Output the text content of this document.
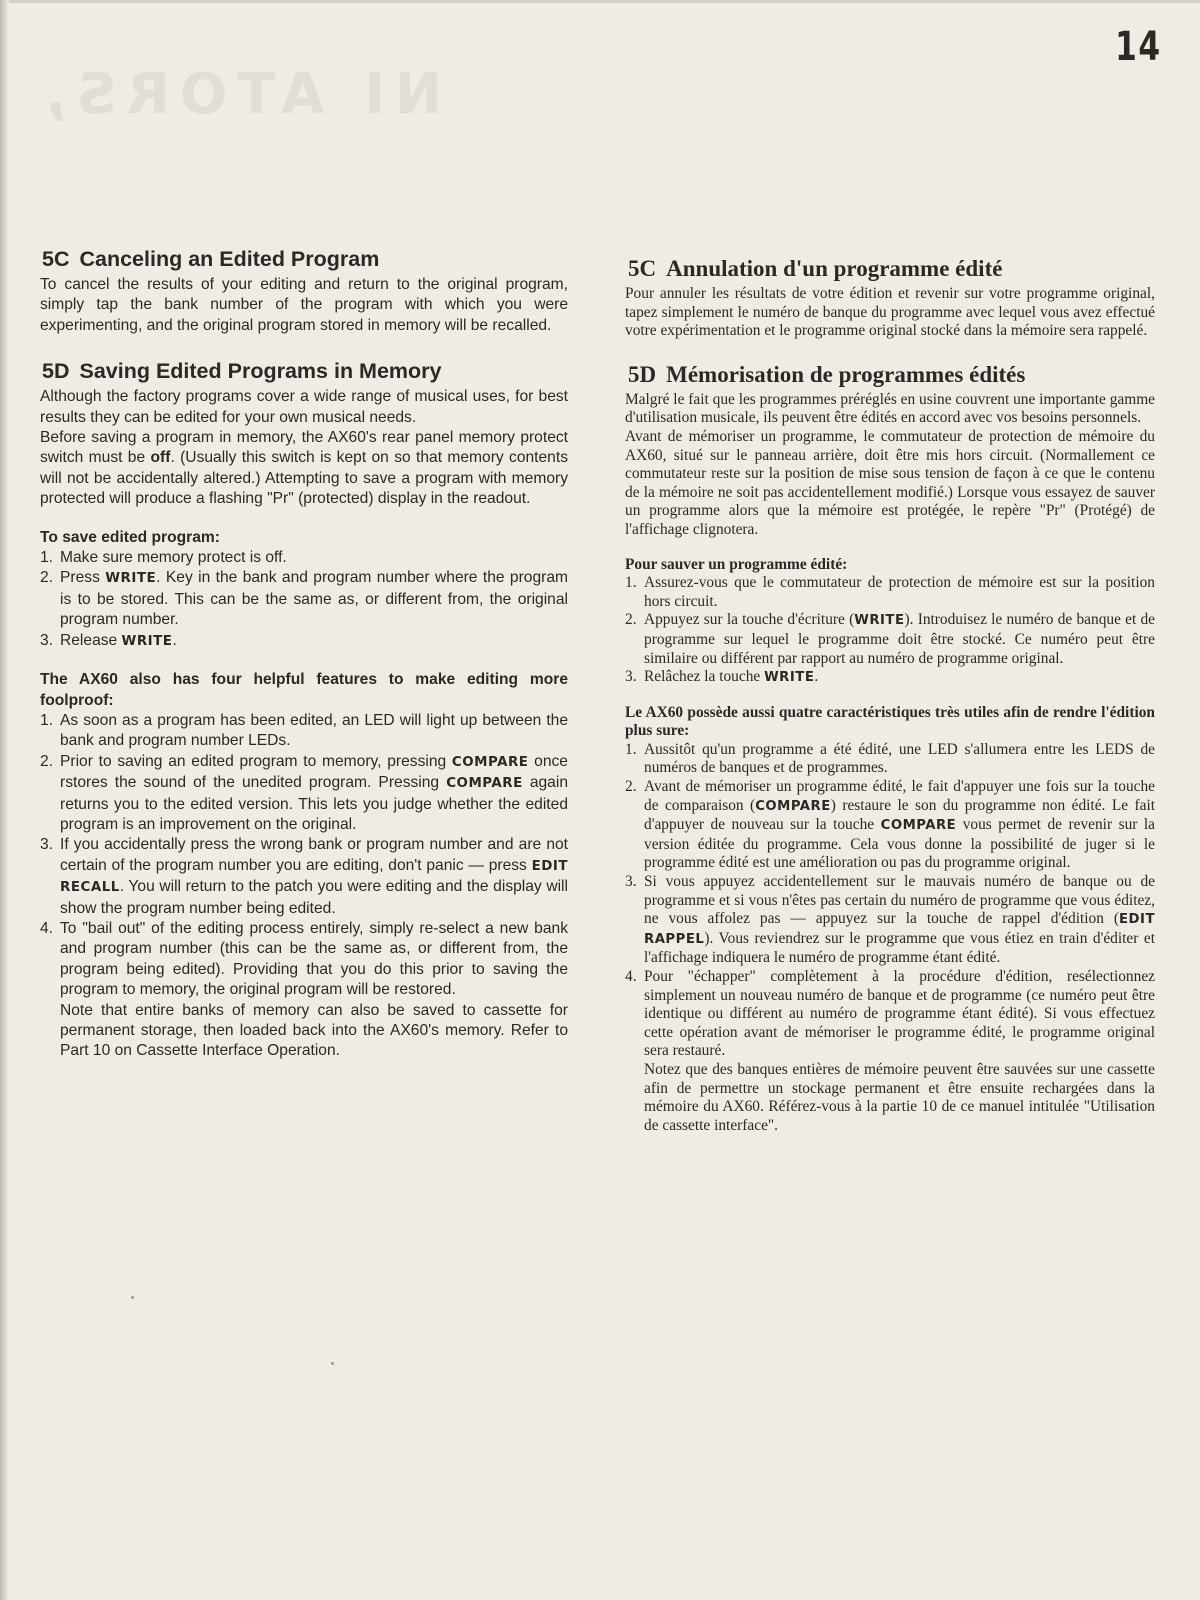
NI ATORS,
14
5C Canceling an Edited Program

To cancel the results of your editing and return to the original program, simply tap the bank number of the program with which you were experimenting, and the original program stored in memory will be recalled.

5D Saving Edited Programs in Memory

Although the factory programs cover a wide range of musical uses, for best results they can be edited for your own musical needs.

Before saving a program in memory, the AX60's rear panel memory protect switch must be off. (Usually this switch is kept on so that memory contents will not be accidentally altered.) Attempting to save a program with memory protected will produce a flashing "Pr" (protected) display in the readout.

To save edited program:

1. Make sure memory protect is off.
2. Press WRITE. Key in the bank and program number where the program is to be stored. This can be the same as, or different from, the original program number.
3. Release WRITE.

The AX60 also has four helpful features to make editing more foolproof:

1. As soon as a program has been edited, an LED will light up between the bank and program number LEDs.
2. Prior to saving an edited program to memory, pressing COMPARE once rstores the sound of the unedited program. Pressing COMPARE again returns you to the edited version. This lets you judge whether the edited program is an improvement on the original.
3. If you accidentally press the wrong bank or program number and are not certain of the program number you are editing, don't panic — press EDIT RECALL. You will return to the patch you were editing and the display will show the program number being edited.
4. To "bail out" of the editing process entirely, simply re-select a new bank and program number (this can be the same as, or different from, the program being edited). Providing that you do this prior to saving the program to memory, the original program will be restored.
Note that entire banks of memory can also be saved to cassette for permanent storage, then loaded back into the AX60's memory. Refer to Part 10 on Cassette Interface Operation.
5C Annulation d'un programme édité

Pour annuler les résultats de votre édition et revenir sur votre programme original, tapez simplement le numéro de banque du programme avec lequel vous avez effectué votre expérimentation et le programme original stocké dans la mémoire sera rappelé.

5D Mémorisation de programmes édités

Malgré le fait que les programmes préréglés en usine couvrent une importante gamme d'utilisation musicale, ils peuvent être édités en accord avec vos besoins personnels.

Avant de mémoriser un programme, le commutateur de protection de mémoire du AX60, situé sur le panneau arrière, doit être mis hors circuit. (Normallement ce commutateur reste sur la position de mise sous tension de façon à ce que le contenu de la mémoire ne soit pas accidentellement modifié.) Lorsque vous essayez de sauver un programme alors que la mémoire est protégée, le repère "Pr" (Protégé) de l'affichage clignotera.

Pour sauver un programme édité:

1. Assurez-vous que le commutateur de protection de mémoire est sur la position hors circuit.
2. Appuyez sur la touche d'écriture (WRITE). Introduisez le numéro de banque et de programme sur lequel le programme doit être stocké. Ce numéro peut être similaire ou différent par rapport au numéro de programme original.
3. Relâchez la touche WRITE.

Le AX60 possède aussi quatre caractéristiques très utiles afin de rendre l'édition plus sure:

1. Aussitôt qu'un programme a été édité, une LED s'allumera entre les LEDS de numéros de banques et de programmes.
2. Avant de mémoriser un programme édité, le fait d'appuyer une fois sur la touche de comparaison (COMPARE) restaure le son du programme non édité. Le fait d'appuyer de nouveau sur la touche COMPARE vous permet de revenir sur la version éditée du programme. Cela vous donne la possibilité de juger si le programme édité est une amélioration ou pas du programme original.
3. Si vous appuyez accidentellement sur le mauvais numéro de banque ou de programme et si vous n'êtes pas certain du numéro de programme que vous éditez, ne vous affolez pas — appuyez sur la touche de rappel d'édition (EDIT RAPPEL). Vous reviendrez sur le programme que vous étiez en train d'éditer et l'affichage indiquera le numéro de programme étant édité.
4. Pour "échapper" complètement à la procédure d'édition, resélectionnez simplement un nouveau numéro de banque et de programme (ce numéro peut être identique ou différent au numéro de programme étant édité). Si vous effectuez cette opération avant de mémoriser le programme édité, le programme original sera restauré.
Notez que des banques entières de mémoire peuvent être sauvées sur une cassette afin de permettre un stockage permanent et être ensuite rechargées dans la mémoire du AX60. Référez-vous à la partie 10 de ce manuel intitulée "Utilisation de cassette interface".
